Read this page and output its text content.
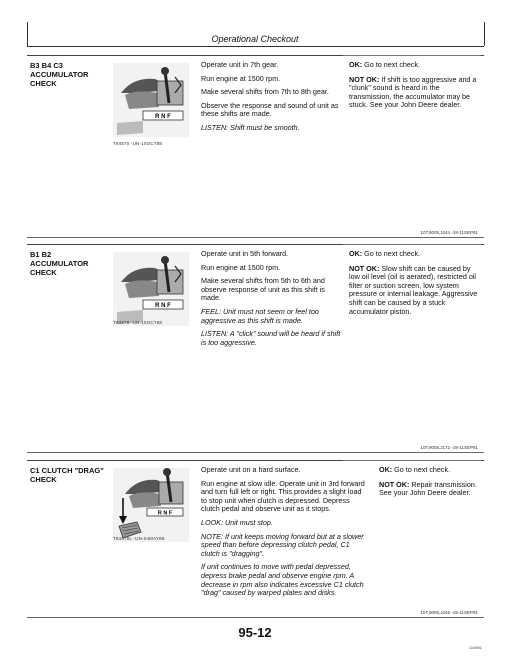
Operational Checkout
B3 B4 C3 ACCUMULATOR CHECK
R N F
T84570 -UN-10OCT88

Operate unit in 7th gear.

Run engine at 1500 rpm.

Make several shifts from 7th to 8th gear.

Observe the response and sound of unit as these shifts are made.

LISTEN: Shift must be smooth.

OK: Go to next check.

NOT OK: If shift is too aggressive and a "clunk" sound is heard in the transmission, the accumulator may be stuck. See your John Deere dealer.

10T,9005,J244 -19-11SEP91
B1 B2 ACCUMULATOR CHECK
R N F
T84578 -UN-10OCT88

Operate unit in 5th forward.

Run engine at 1500 rpm.

Make several shifts from 5th to 6th and observe response of unit as this shift is made.

FEEL: Unit must not seem or feel too aggressive as this shift is made.

LISTEN: A "click" sound will be heard if shift is too aggressive.

OK: Go to next check.

NOT OK: Slow shift can be caused by low oil level (oil is aerated), restricted oil filter or suction screen, low system pressure or internal leakage. Aggressive shift can be caused by a stuck accumulator piston.

10T,9005,J172 -19-11SEP91
C1 CLUTCH "DRAG" CHECK
R N F
T84575L -UN-04MAY89

Operate unit on a hard surface.

Run engine at slow idle. Operate unit in 3rd forward and turn full left or right. This provides a slight load to stop unit when clutch is depressed. Depress clutch pedal and observe unit as it stops.

LOOK: Unit must stop.

NOTE: If unit keeps moving forward but at a slower speed than before depressing clutch pedal, C1 clutch is "dragging".

If unit continues to move with pedal depressed, depress brake pedal and observe engine rpm. A decrease in rpm also indicates excessive C1 clutch "drag" caused by warped plates and disks.

OK: Go to next check.

NOT OK: Repair transmission. See your John Deere dealer.

10T,9005,J245 -19-11SEP91
95-12
110691
